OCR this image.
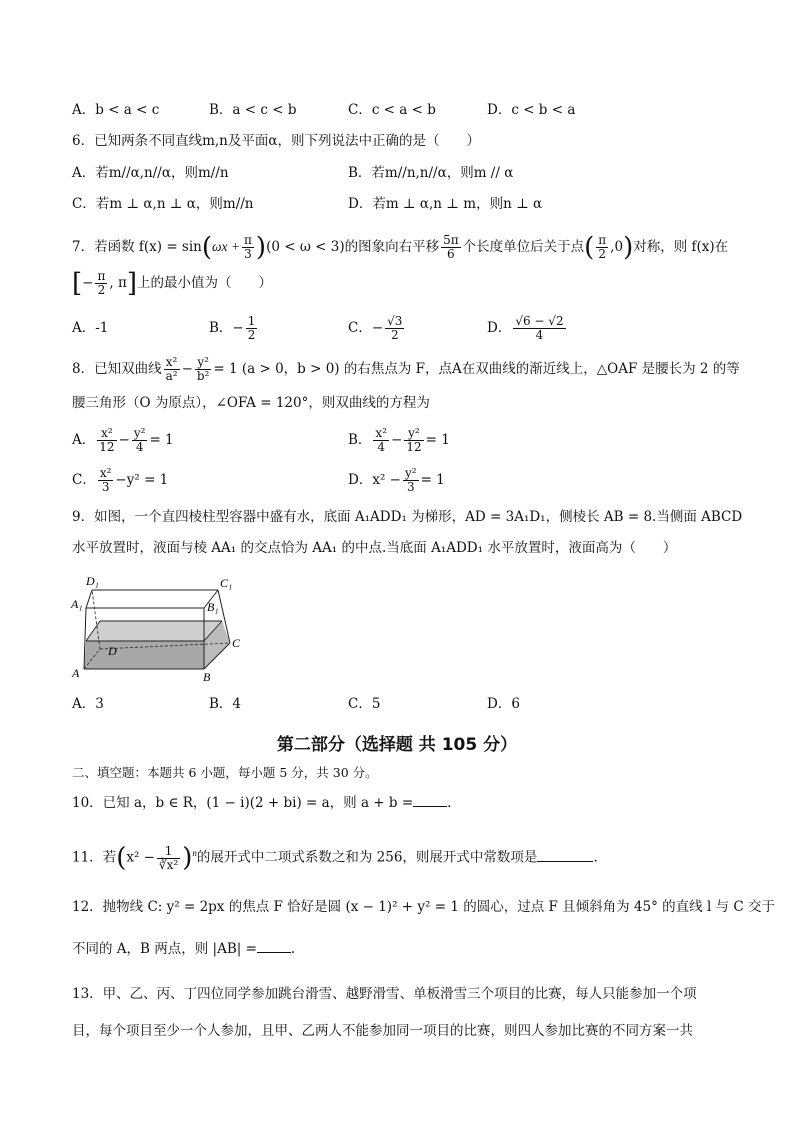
A．b < a < c	B．a < c < b	C．c < a < b	D．c < b < a
6．已知两条不同直线m,n及平面α，则下列说法中正确的是（　　）
A．若m//α,n//α，则m//n	B．若m//n,n//α，则m // α
C．若m ⊥ α,n ⊥ α，则m//n	D．若m ⊥ α,n ⊥ m，则n ⊥ α
7．若函数 $f(x) = \sin(\omega x + \frac{\pi}{3} )(0 < \omega < 3)$的图象向右平移 $\frac{5\pi}{6}$ 个长度单位后关于点( $\frac{\pi}{2} ,0$)对称，则 f(x)在
[− $\frac{\pi}{2}$ , π]上的最小值为（　　）
A．-1	B．− $\frac{1}{2}$	C．− $\frac{√3}{2}$	D． $\frac{√6 - √2}{4}$
8．已知双曲线 $\frac{\text{x²}}{\text{a²}} - \frac{\text{y²}}{\text{b²}} = 1$ (a > 0，b > 0) 的右焦点为 F，点A在双曲线的渐近线上，△OAF 是腰长为 2 的等
腰三角形（O 为原点），∠OFA = 120°，则双曲线的方程为
A． $\frac{\text{x²}}{12} - \frac{\text{y²}}{4} = 1$	B． $\frac{\text{x²}}{4} - \frac{\text{y²}}{12} = 1$
C． $\frac{\text{x²}}{3} -y^2 = 1$	D．$x^2 - \frac{\text{y²}}{3} = 1$
9．如图，一个直四棱柱型容器中盛有水，底面 A₁ADD₁ 为梯形，AD = 3A₁D₁，侧棱长 AB = 8.当侧面 ABCD
水平放置时，液面与棱 AA₁ 的交点恰为 AA₁ 的中点.当底面 A₁ADD₁ 水平放置时，液面高为（　　）
D₁	C₁
A₁	B₁
D
C
A	B
A．3	B．4	C．5	D．6
第二部分（选择题 共 105 分）
二、填空题：本题共 6 小题，每小题 5 分，共 30 分。
10．已知 a，b ∈ R，(1 − i)(2 + bi) = a，则 a + b =	.
11．若$(x^2 - \frac{1}{\text{∛x²}} )^n$的展开式中二项式系数之和为 256，则展开式中常数项是	.
12．抛物线 C: y² = 2px 的焦点 F 恰好是圆 (x − 1)² + y² = 1 的圆心，过点 F 且倾斜角为 45° 的直线 l 与 C 交于
不同的 A，B 两点，则 |AB| =	.
13．甲、乙、丙、丁四位同学参加跳台滑雪、越野滑雪、单板滑雪三个项目的比赛，每人只能参加一个项
目，每个项目至少一个人参加，且甲、乙两人不能参加同一项目的比赛，则四人参加比赛的不同方案一共
